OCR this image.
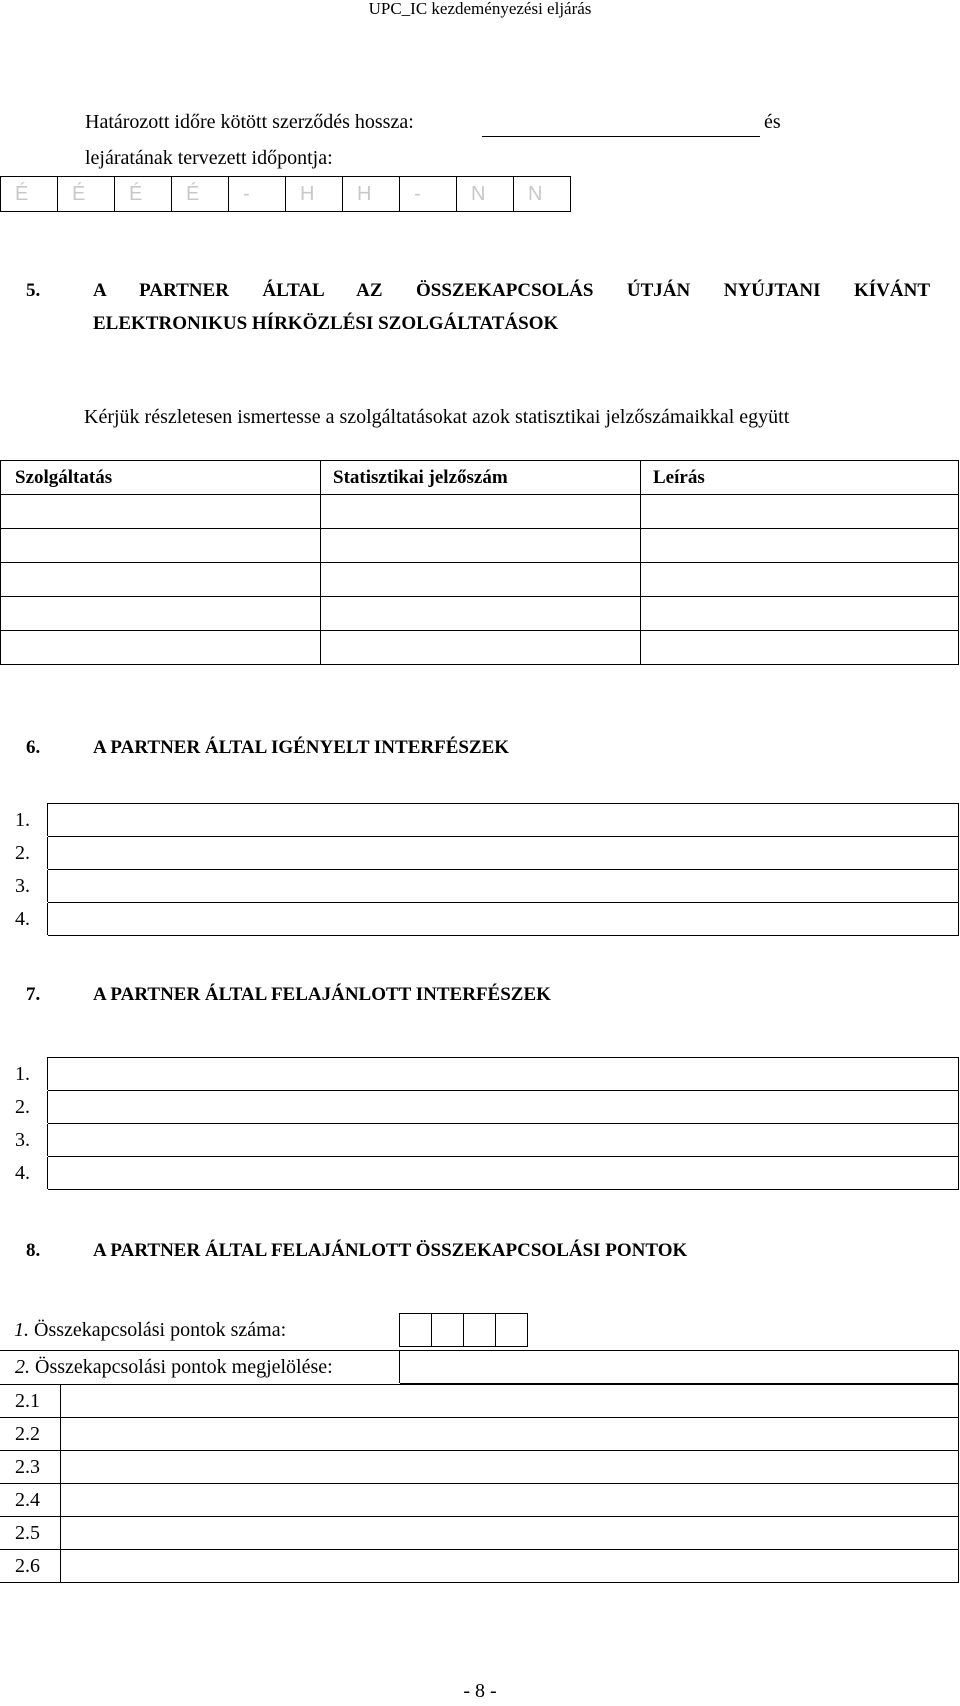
UPC_IC kezdeményezési eljárás
Határozott időre kötött szerződés hossza:	és
lejáratának tervezett időpontja:
É	É	É	É	-	H	H	-	N	N
5.	A PARTNER ÁLTAL AZ ÖSSZEKAPCSOLÁS ÚTJÁN NYÚJTANI KÍVÁNT
ELEKTRONIKUS HÍRKÖZLÉSI SZOLGÁLTATÁSOK
Kérjük részletesen ismertesse a szolgáltatásokat azok statisztikai jelzőszámaikkal együtt
Szolgáltatás	Statisztikai jelzőszám	Leírás

6.	A PARTNER ÁLTAL IGÉNYELT INTERFÉSZEK
1.	
2.	
3.	
4.	
7.	A PARTNER ÁLTAL FELAJÁNLOTT INTERFÉSZEK
1.	
2.	
3.	
4.	
8.	A PARTNER ÁLTAL FELAJÁNLOTT ÖSSZEKAPCSOLÁSI PONTOK
1. Összekapcsolási pontok száma:				
2. Összekapcsolási pontok megjelölése:	
2.1	
2.2	
2.3	
2.4	
2.5	
2.6	
- 8 -
